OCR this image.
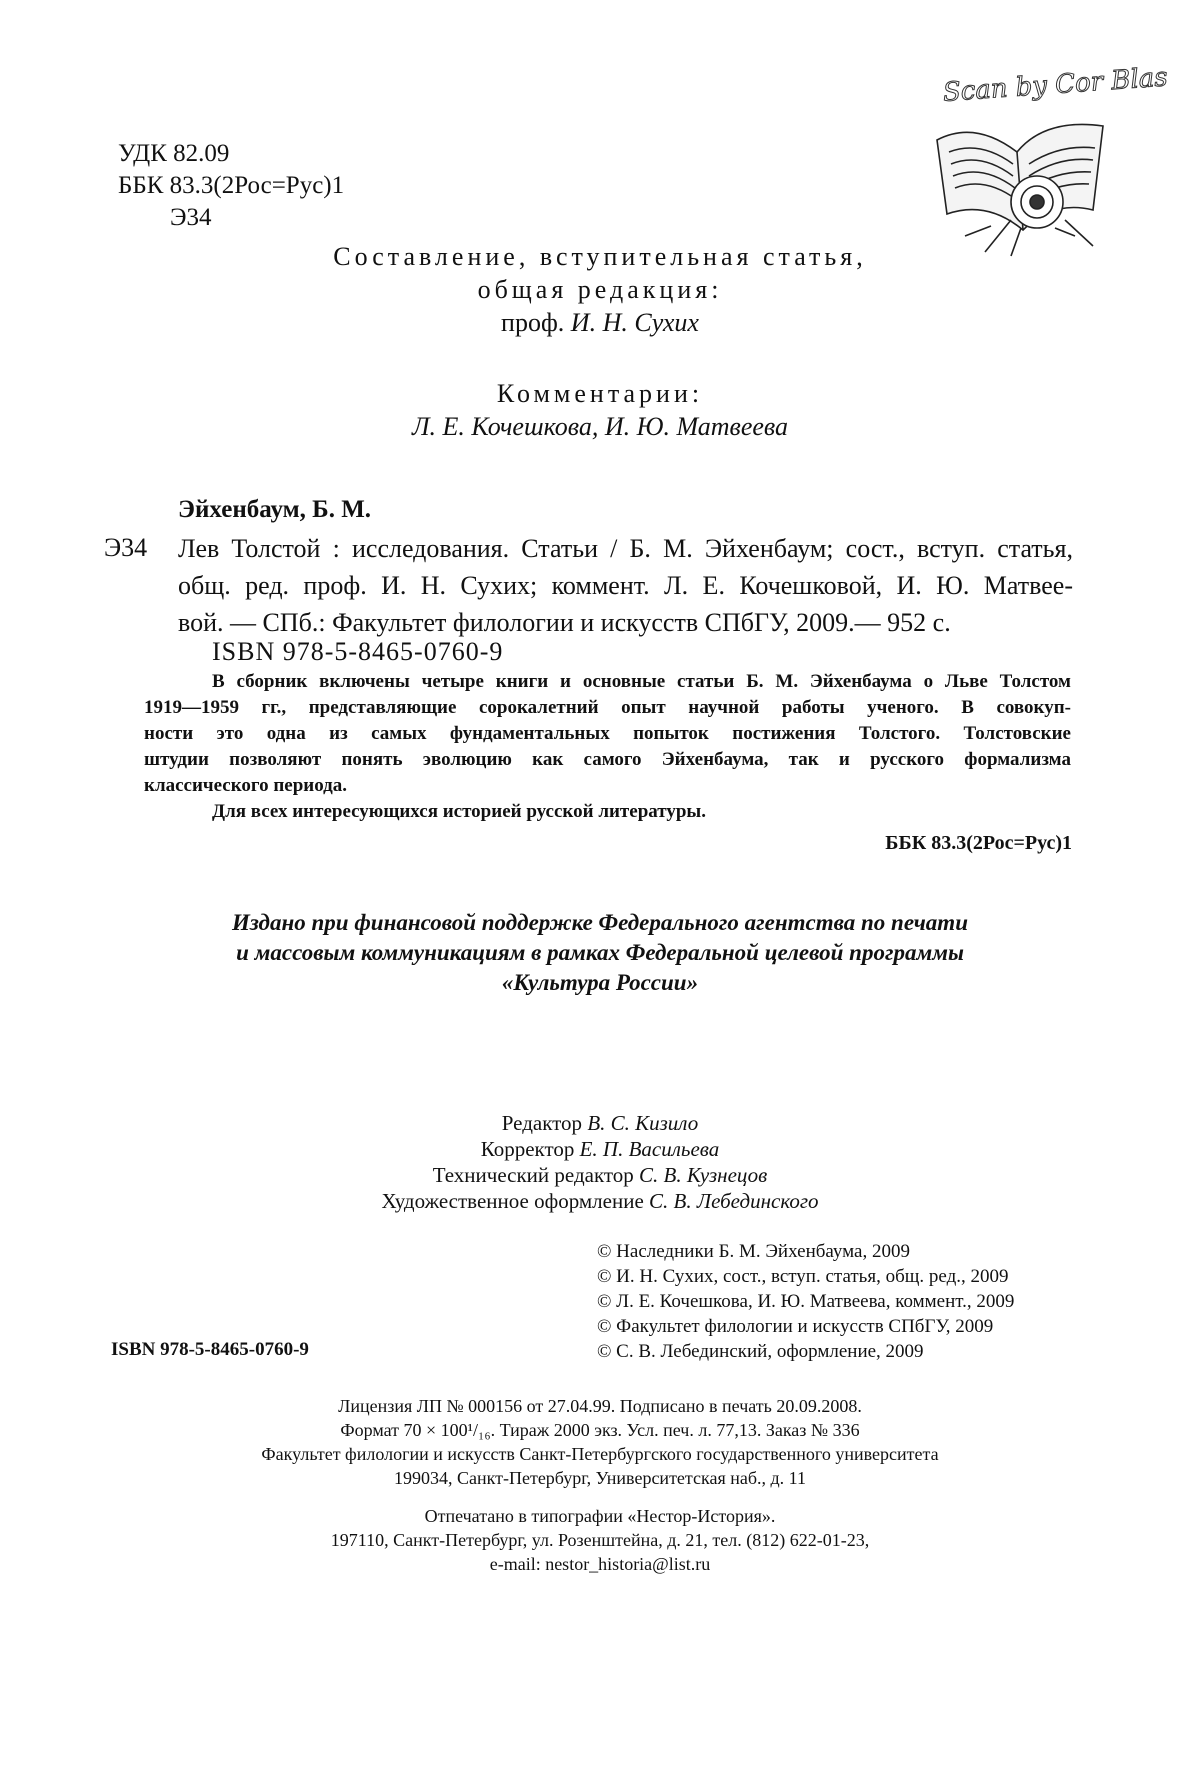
УДК 82.09
ББК 83.3(2Рос=Рус)1
Э34
Scan by Cor Blas
Составление, вступительная статья,
общая редакция:
проф. И. Н. Сухих
Комментарии:
Л. Е. Кочешкова, И. Ю. Матвеева
Эйхенбаум, Б. М.
Э34 Лев Толстой : исследования. Статьи / Б. М. Эйхенбаум; сост., вступ. статья,
общ. ред. проф. И. Н. Сухих; коммент. Л. Е. Кочешковой, И. Ю. Матвее-
вой. — СПб.: Факультет филологии и искусств СПбГУ, 2009.— 952 с.
ISBN 978-5-8465-0760-9

В сборник включены четыре книги и основные статьи Б. М. Эйхенбаума о Льве Толстом
1919—1959 гг., представляющие сорокалетний опыт научной работы ученого. В совокуп-
ности это одна из самых фундаментальных попыток постижения Толстого. Толстовские
штудии позволяют понять эволюцию как самого Эйхенбаума, так и русского формализма
классического периода.

Для всех интересующихся историей русской литературы.

ББК 83.3(2Рос=Рус)1
Издано при финансовой поддержке Федерального агентства по печати
и массовым коммуникациям в рамках Федеральной целевой программы
«Культура России»
Редактор В. С. Кизило
Корректор Е. П. Васильева
Технический редактор С. В. Кузнецов
Художественное оформление С. В. Лебединского
© Наследники Б. М. Эйхенбаума, 2009
© И. Н. Сухих, сост., вступ. статья, общ. ред., 2009
© Л. Е. Кочешкова, И. Ю. Матвеева, коммент., 2009
© Факультет филологии и искусств СПбГУ, 2009
© С. В. Лебединский, оформление, 2009
ISBN 978-5-8465-0760-9
Лицензия ЛП № 000156 от 27.04.99. Подписано в печать 20.09.2008.
Формат 70 × 100¹/₁₆. Тираж 2000 экз. Усл. печ. л. 77,13. Заказ № 336
Факультет филологии и искусств Санкт-Петербургского государственного университета
199034, Санкт-Петербург, Университетская наб., д. 11
Отпечатано в типографии «Нестор-История».
197110, Санкт-Петербург, ул. Розенштейна, д. 21, тел. (812) 622-01-23,
e-mail: nestor_historia@list.ru
